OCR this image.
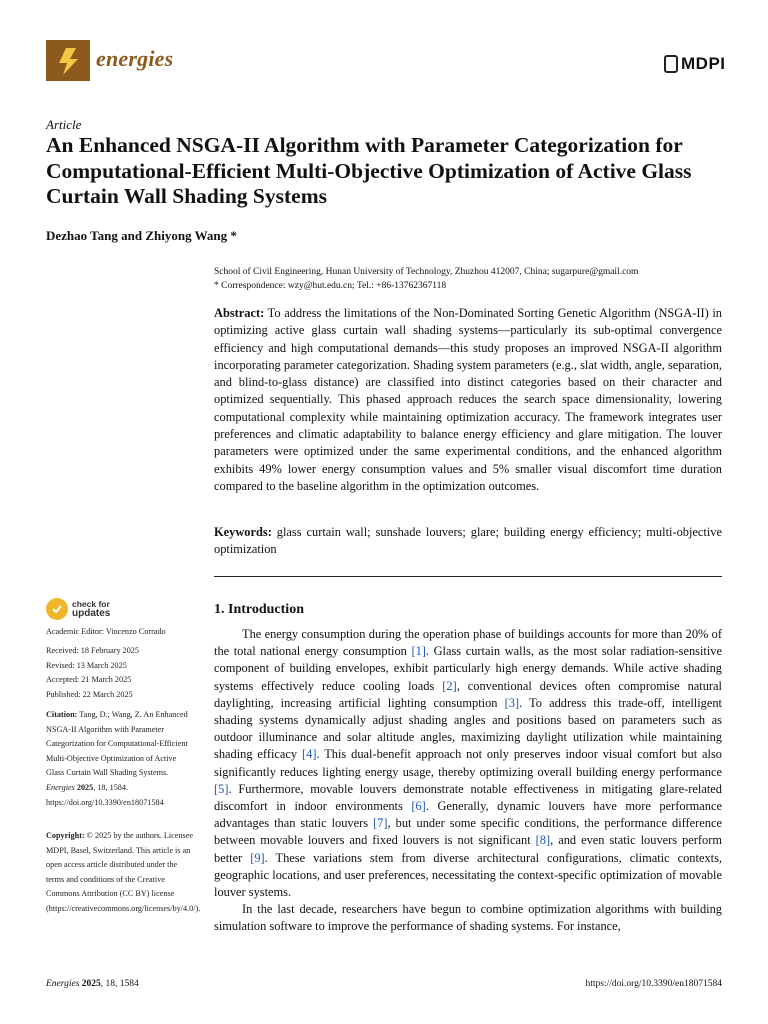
energies	MDPI
Article
An Enhanced NSGA-II Algorithm with Parameter Categorization for Computational-Efficient Multi-Objective Optimization of Active Glass Curtain Wall Shading Systems
Dezhao Tang and Zhiyong Wang *
School of Civil Engineering, Hunan University of Technology, Zhuzhou 412007, China; sugarpure@gmail.com
* Correspondence: wzy@hut.edu.cn; Tel.: +86-13762367118
Abstract: To address the limitations of the Non-Dominated Sorting Genetic Algorithm (NSGA-II) in optimizing active glass curtain wall shading systems—particularly its sub-optimal convergence efficiency and high computational demands—this study proposes an improved NSGA-II algorithm incorporating parameter categorization. Shading system parameters (e.g., slat width, angle, separation, and blind-to-glass distance) are classified into distinct categories based on their character and optimized sequentially. This phased approach reduces the search space dimensionality, lowering computational complexity while maintaining optimization accuracy. The framework integrates user preferences and climatic adaptability to balance energy efficiency and glare mitigation. The louver parameters were optimized under the same experimental conditions, and the enhanced algorithm exhibits 49% lower energy consumption values and 5% smaller visual discomfort time duration compared to the baseline algorithm in the optimization outcomes.
Keywords: glass curtain wall; sunshade louvers; glare; building energy efficiency; multi-objective optimization
check for
updates
Academic Editor: Vincenzo Corrado
Received: 18 February 2025
Revised: 13 March 2025
Accepted: 21 March 2025
Published: 22 March 2025
Citation: Tang, D.; Wang, Z. An Enhanced NSGA-II Algorithm with Parameter Categorization for Computational-Efficient Multi-Objective Optimization of Active Glass Curtain Wall Shading Systems. Energies 2025, 18, 1584. https://doi.org/10.3390/en18071584
Copyright: © 2025 by the authors. Licensee MDPI, Basel, Switzerland. This article is an open access article distributed under the terms and conditions of the Creative Commons Attribution (CC BY) license (https://creativecommons.org/licenses/by/4.0/).
1. Introduction

The energy consumption during the operation phase of buildings accounts for more than 20% of the total national energy consumption [1]. Glass curtain walls, as the most solar radiation-sensitive component of building envelopes, exhibit particularly high energy demands. While active shading systems effectively reduce cooling loads [2], conventional devices often compromise natural daylighting, increasing artificial lighting consumption [3]. To address this trade-off, intelligent shading systems dynamically adjust shading angles and positions based on parameters such as outdoor illuminance and solar altitude angles, maximizing daylight utilization while maintaining shading efficacy [4]. This dual-benefit approach not only preserves indoor visual comfort but also significantly reduces lighting energy usage, thereby optimizing overall building energy performance [5]. Furthermore, movable louvers demonstrate notable effectiveness in mitigating glare-related discomfort in indoor environments [6]. Generally, dynamic louvers have more performance advantages than static louvers [7], but under some specific conditions, the performance difference between movable louvers and fixed louvers is not significant [8], and even static louvers perform better [9]. These variations stem from diverse architectural configurations, climatic contexts, geographic locations, and user preferences, necessitating the context-specific optimization of movable louver systems.

In the last decade, researchers have begun to combine optimization algorithms with building simulation software to improve the performance of shading systems. For instance,

Energies 2025, 18, 1584	https://doi.org/10.3390/en18071584
